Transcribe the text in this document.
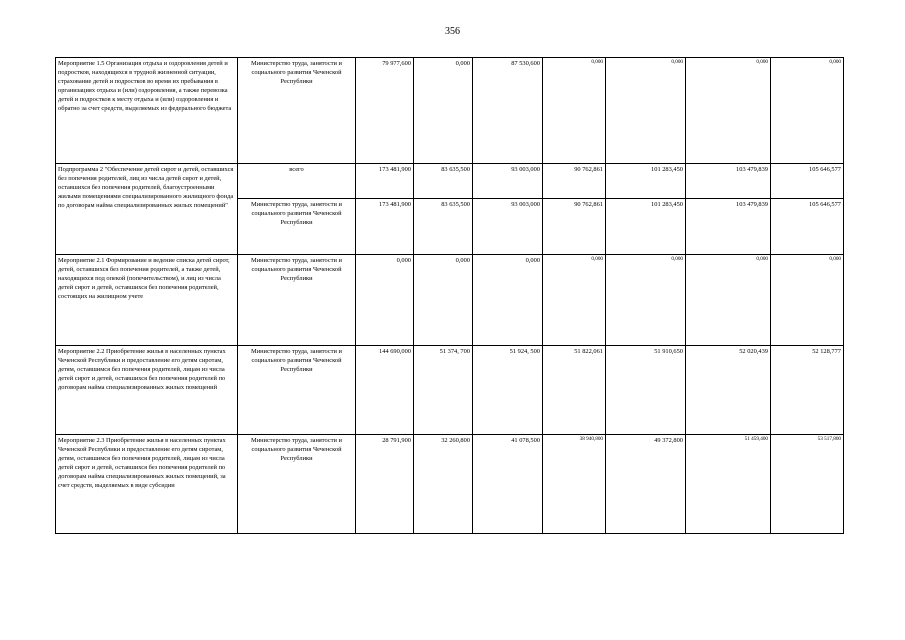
356
Мероприятие 1.5 Организация отдыха и оздоровления детей и подростков, находящихся в трудной жизненной ситуации, страхование детей и подростков во время их пребывания в организациях отдыха и (или) оздоровления, а также перевозка детей и подростков к месту отдыха и (или) оздоровления и обратно за счет средств, выделяемых из федерального бюджета	Министерство труда, занятости и социального развития Чеченской Республики	79 977,600	0,000	87 530,600	0,000	0,000	0,000	0,000
Подпрограмма 2 "Обеспечение детей сирот и детей, оставшихся без попечения родителей, лиц из числа детей сирот и детей, оставшихся без попечения родителей, благоустроенными жилыми помещениями специализированного жилищного фонда по договорам найма специализированных жилых помещений"	всего	173 481,900	83 635,500	93 003,000	90 762,861	101 283,450	103 479,839	105 646,577
	Министерство труда, занятости и социального развития Чеченской Республики	173 481,900	83 635,500	93 003,000	90 762,861	101 283,450	103 479,839	105 646,577
Мероприятие 2.1 Формирование и ведение списка детей сирот, детей, оставшихся без попечения родителей, а также детей, находящихся под опекой (попечительством), и лиц из числа детей сирот и детей, оставшихся без попечения родителей, состоящих на жилищном учете	Министерство труда, занятости и социального развития Чеченской Республики	0,000	0,000	0,000	0,000	0,000	0,000	0,000
Мероприятие 2.2 Приобретение жилья в населенных пунктах Чеченской Республики и предоставление его детям сиротам, детям, оставшимся без попечения родителей, лицам из числа детей сирот и детей, оставшихся без попечения родителей по договорам найма специализированных жилых помещений	Министерство труда, занятости и социального развития Чеченской Республики	144 690,000	51 374, 700	51 924, 500	51 822,061	51 910,650	52 020,439	52 128,777
Мероприятие 2.3 Приобретение жилья в населенных пунктах Чеченской Республики и предоставление его детям сиротам, детям, оставшимся без попечения родителей, лицам из числа детей сирот и детей, оставшихся без попечения родителей по договорам найма специализированных жилых помещений, за счет средств, выделяемых в виде субсидии	Министерство труда, занятости и социального развития Чеченской Республики	28 791,900	32 260,800	41 078,500	38 940,800	49 372,800	51 459,400	53 517,800
